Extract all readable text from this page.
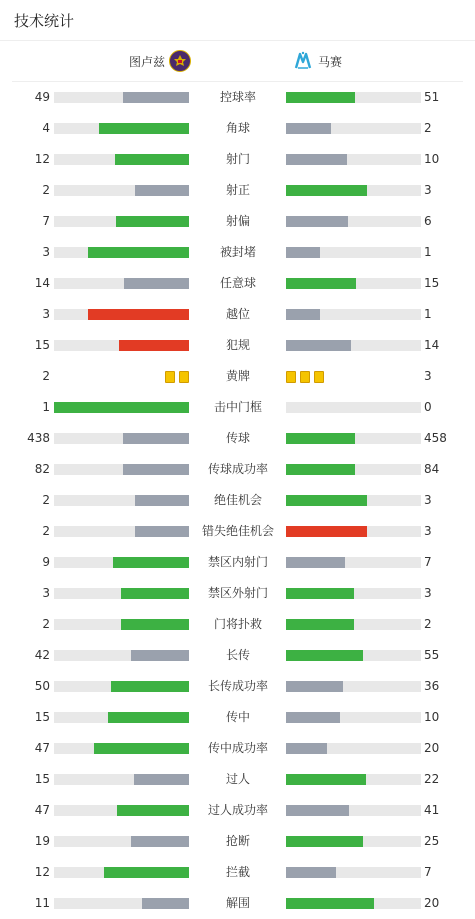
技术统计
图卢兹	马赛
49	控球率	51
4	角球	2
12	射门	10
2	射正	3
7	射偏	6
3	被封堵	1
14	任意球	15
3	越位	1
15	犯规	14
2	黄牌	3
1	击中门框	0
438	传球	458
82	传球成功率	84
2	绝佳机会	3
2	错失绝佳机会	3
9	禁区内射门	7
3	禁区外射门	3
2	门将扑救	2
42	长传	55
50	长传成功率	36
15	传中	10
47	传中成功率	20
15	过人	22
47	过人成功率	41
19	抢断	25
12	拦截	7
11	解围	20
